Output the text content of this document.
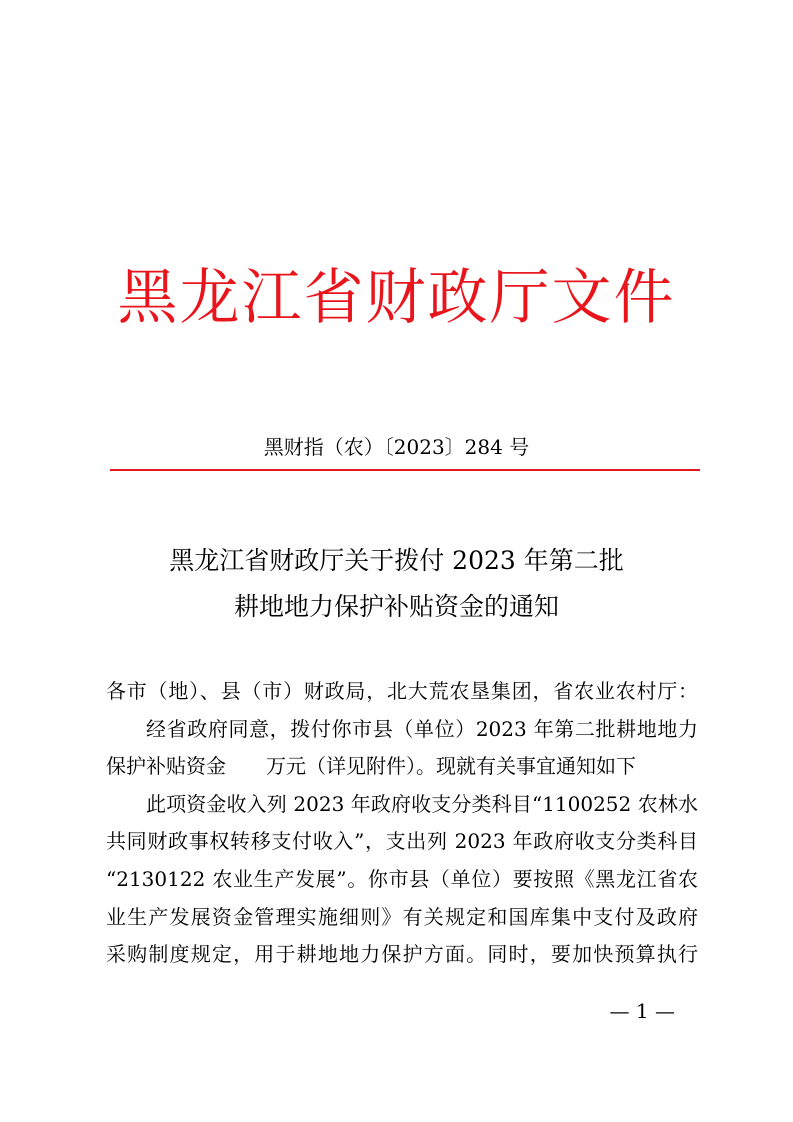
黑龙江省财政厅文件
黑财指（农）〔2023〕284 号
黑龙江省财政厅关于拨付 2023 年第二批
耕地地力保护补贴资金的通知
各市（地）、县（市）财政局，北大荒农垦集团，省农业农村厅：
经省政府同意，拨付你市县（单位）2023 年第二批耕地地力
保护补贴资金 万元（详见附件）。现就有关事宜通知如下
此项资金收入列 2023 年政府收支分类科目“1100252 农林水
共同财政事权转移支付收入”，支出列 2023 年政府收支分类科目
“2130122 农业生产发展”。你市县（单位）要按照《黑龙江省农
业生产发展资金管理实施细则》有关规定和国库集中支付及政府
采购制度规定，用于耕地地力保护方面。同时，要加快预算执行
— 1 —
